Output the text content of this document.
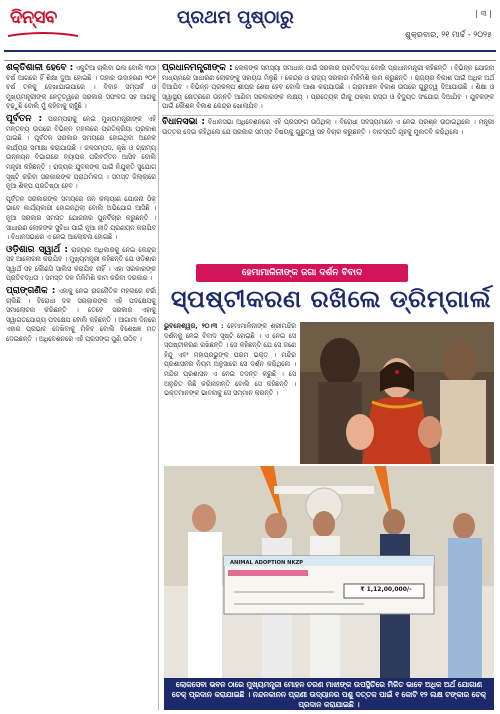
ଦିନ୍ସବ	ପ୍ରଥମ ପୃଷ୍ଠାରୁ	| ୩ |
ଶୁକ୍ରବାର, ୨୧ ମାର୍ଚ୍ଚ - ୨୦୨୫

ଶକ୍ତିଶାଳୀ ହେବେ : ଏକୁଟିଆ ଚାଲିବା ଭଲ ବୋଲି ୩୦ୀ ବର୍ଷ ଆଗରେ ହିଁ ଶିକ୍ଷା ଦୁଆ ହୋଇଛି । ତାହାର ଉଦାହରଣ ୨୦୧ ବର୍ଷ ତଳକୁ ଦେଖାଯାଇପାରେ । ବିବାହ ସମ୍ପର୍କ ଓ ମୁଖ୍ୟମନ୍ତ୍ରୀଙ୍କ ନେତୃତ୍ୱରେ ସରକାର ସଫଳତା ସହ ଆଗକୁ ବଢ଼ୁଛି ବୋଲି ମୁଁ କହିବାକୁ ଚାହୁଁଛି ।

ପୂର୍ବତନ : ପରମ୍ପରାକୁ ନେଇ ମୁଖ୍ୟମନ୍ତ୍ରୀଙ୍କ ଏହି ମନ୍ତବ୍ୟ ଉପରେ ବିଭିନ୍ନ ମହଲରେ ପ୍ରତିକ୍ରିୟା ପ୍ରକାଶ ପାଇଛି । ପୂର୍ବତନ ସରକାର ସମୟରେ ହୋଇଥିବା ଅନେକ କାର୍ଯ୍ୟର ସମୀକ୍ଷା କରାଯାଉଛି । ଜଳସମ୍ପଦ, କୃଷି ଓ ଗ୍ରାମ୍ୟ ଉନ୍ନୟନ ବିଭାଗରେ ବ୍ୟାପକ ପରିବର୍ତ୍ତନ ଆସିବ ବୋଲି ମନ୍ତ୍ରୀ କହିଛନ୍ତି । ରାଜ୍ୟର ଯୁବକଙ୍କ ପାଇଁ ନିଯୁକ୍ତି ସୁଯୋଗ ସୃଷ୍ଟି କରିବା ସରକାରଙ୍କ ପ୍ରାଥମିକତା । ସମସ୍ତ ଜିଲ୍ଲାରେ ନୂଆ ଶିଳ୍ପ ପ୍ରତିଷ୍ଠା ହେବ ।

ପୂର୍ବତନ ସରକାରଙ୍କ ସମୟରେ ଜନ କଲ୍ୟାଣ ଯୋଜନା ଠିକ୍ ଭାବେ କାର୍ଯ୍ୟକାରୀ ହୋଇନଥିଲା ବୋଲି ଅଭିଯୋଗ ଆସିଛି । ନୂଆ ସରକାର ସମସ୍ତ ଯୋଜନାର ପୁନର୍ବିଚାର କରୁଛନ୍ତି । ସାଧାରଣ ଲୋକଙ୍କ ସୁବିଧା ପାଇଁ ନୂଆ ନୀତି ପ୍ରଣୟନ କରାଯିବ । ବିଧାନସଭାରେ ଏ ନେଇ ଆଲୋଚନା ହୋଇଛି ।

ଓଡ଼ିଶାର ସ୍ୱାର୍ଥ : ରାଜ୍ୟର ଅଧିକାରକୁ ନେଇ କେନ୍ଦ୍ର ସହ ଆଲୋଚନା କରାଯିବ । ମୁଖ୍ୟମନ୍ତ୍ରୀ କହିଛନ୍ତି ଯେ ଓଡ଼ିଶାର ସ୍ୱାର୍ଥ ସହ କୌଣସି ସାଲିସ କରାଯିବ ନାହିଁ । ଏହା ସରକାରଙ୍କ ପ୍ରତିବଦ୍ଧତା । ସମସ୍ତ ଦଳ ମିଳିମିଶି କାମ କରିବା ଦରକାର ।

ପ୍ରାଙ୍ଗଣିକ : ଏହାକୁ ନେଇ ରାଜନୈତିକ ମହଲରେ ଚର୍ଚ୍ଚା ଚାଲିଛି । ବିରୋଧୀ ଦଳ ସରକାରଙ୍କ ଏହି ପଦକ୍ଷେପକୁ ସମାଲୋଚନା କରିଛନ୍ତି । ତେବେ ସରକାର ଏହାକୁ ସ୍ୱାଗତଯୋଗ୍ୟ ପଦକ୍ଷେପ ବୋଲି କହିଛନ୍ତି । ଆଗାମୀ ଦିନରେ ଏହାର ପ୍ରଭାବ ଦେଖିବାକୁ ମିଳିବ ବୋଲି ବିଶେଷଜ୍ଞ ମତ ଦେଇଛନ୍ତି । ଅଧିବେଶନରେ ଏହି ପ୍ରସଙ୍ଗ ପୁଣି ଉଠିବ ।

ପ୍ରଧାନମନ୍ତ୍ରୀଙ୍କ : ଲୋକଙ୍କ ସମସ୍ୟା ସମାଧାନ ପାଇଁ ସରକାର ପ୍ରତିବଦ୍ଧ ବୋଲି ପ୍ରଧାନମନ୍ତ୍ରୀ କହିଛନ୍ତି । ବିଭିନ୍ନ ଯୋଜନା ମାଧ୍ୟମରେ ସାଧାରଣ ଲୋକଙ୍କୁ ସହାୟତା ମିଳୁଛି । କେନ୍ଦ୍ର ଓ ରାଜ୍ୟ ସରକାର ମିଳିମିଶି କାମ କରୁଛନ୍ତି । ରାଜ୍ୟର ବିକାଶ ପାଇଁ ଅଧିକ ଅର୍ଥ ଦିଆଯିବ । ବିଭିନ୍ନ ପ୍ରକଳ୍ପ ଶୀଘ୍ର ଶେଷ ହେବ ବୋଲି ଆଶା କରାଯାଉଛି । ଗ୍ରାମାଞ୍ଚଳ ବିକାଶ ଉପରେ ଗୁରୁତ୍ୱ ଦିଆଯାଉଛି । ଶିକ୍ଷା ଓ ସ୍ୱାସ୍ଥ୍ୟ କ୍ଷେତ୍ରରେ ଉନ୍ନତି ଆଣିବା ସରକାରଙ୍କ ଲକ୍ଷ୍ୟ । ପ୍ରତ୍ୟେକ ଗାଁକୁ ପକ୍କା ରାସ୍ତା ଓ ବିଦ୍ୟୁତ ସଂଯୋଗ ଦିଆଯିବ । ଯୁବକଙ୍କ ପାଇଁ କୌଶଳ ବିକାଶ କେନ୍ଦ୍ର ଖୋଲାଯିବ ।

ବିଧାନସଭା : ବିଧାନସଭା ଅଧିବେଶନରେ ଏହି ପ୍ରସଙ୍ଗ ଉଠିଥିଲା । ବିରୋଧୀ ସଦସ୍ୟମାନେ ଏ ନେଇ ପ୍ରଶ୍ନ ଉଠାଇଥିଲେ । ମନ୍ତ୍ରୀ ଉତ୍ତର ଦେଇ କହିଥିଲେ ଯେ ସରକାର ସମସ୍ତ ବିଷୟକୁ ଗୁରୁତ୍ୱ ସହ ବିଚାର କରୁଛନ୍ତି । ବାଚସ୍ପତି ଗୃହକୁ ମୁଲତବି କରିଥିଲେ ।

ହେମାମାଳିନୀଙ୍କ ଜଗା ଦର୍ଶନ ବିବାଦ
ସ୍ପଷ୍ଟୀକରଣ ରଖିଲେ ଡ୍ରିମ୍‌ଗାର୍ଲ
ଭୁବନେଶ୍ୱର, ୨୦।୩ : ହେମାମାଳିନୀଙ୍କ ଶ୍ରୀମନ୍ଦିର ଦର୍ଶନକୁ ନେଇ ବିବାଦ ସୃଷ୍ଟି ହୋଇଛି । ଏ ନେଇ ସେ ସ୍ପଷ୍ଟୀକରଣ ରଖିଛନ୍ତି । ସେ କହିଛନ୍ତି ଯେ ସେ ଜଣେ ହିନ୍ଦୁ ଏବଂ ମହାପ୍ରଭୁଙ୍କ ପରମ ଭକ୍ତ । ମନ୍ଦିର ପ୍ରଶାସନର ନିୟମ ଅନୁସାରେ ସେ ଦର୍ଶନ କରିଥିଲେ । ମନ୍ଦିର ପ୍ରଶାସନ ଏ ନେଇ ତଦନ୍ତ କରୁଛି । ସେ ଅନୁଚିତ କିଛି କରିନାହାନ୍ତି ବୋଲି ସେ କହିଛନ୍ତି । ଭକ୍ତମାନଙ୍କ ଭାବନାକୁ ସେ ସମ୍ମାନ କରନ୍ତି ।
ANIMAL ADOPTION NKZP
₹ 1,12,00,000/-
ଲୋକସେବା ଭବନ ଠାରେ ମୁଖ୍ୟମନ୍ତ୍ରୀ ମୋହନ ଚରଣ ମାଝୀଙ୍କ ଉପସ୍ଥିତିରେ ମିଳିତ ଭାବେ ଅଧିକ ଅର୍ଥ ଯୋଗାଣ ଚେକ୍ ପ୍ରଦାନ କରାଯାଇଛି । ନନ୍ଦନକାନନ ପ୍ରାଣୀ ଉଦ୍ୟାନର ପଶୁ ଦତ୍ତକ ପାଇଁ ୧ କୋଟି ୧୨ ଲକ୍ଷ ଟଙ୍କାର ଚେକ୍ ପ୍ରଦାନ କରାଯାଇଛି ।
